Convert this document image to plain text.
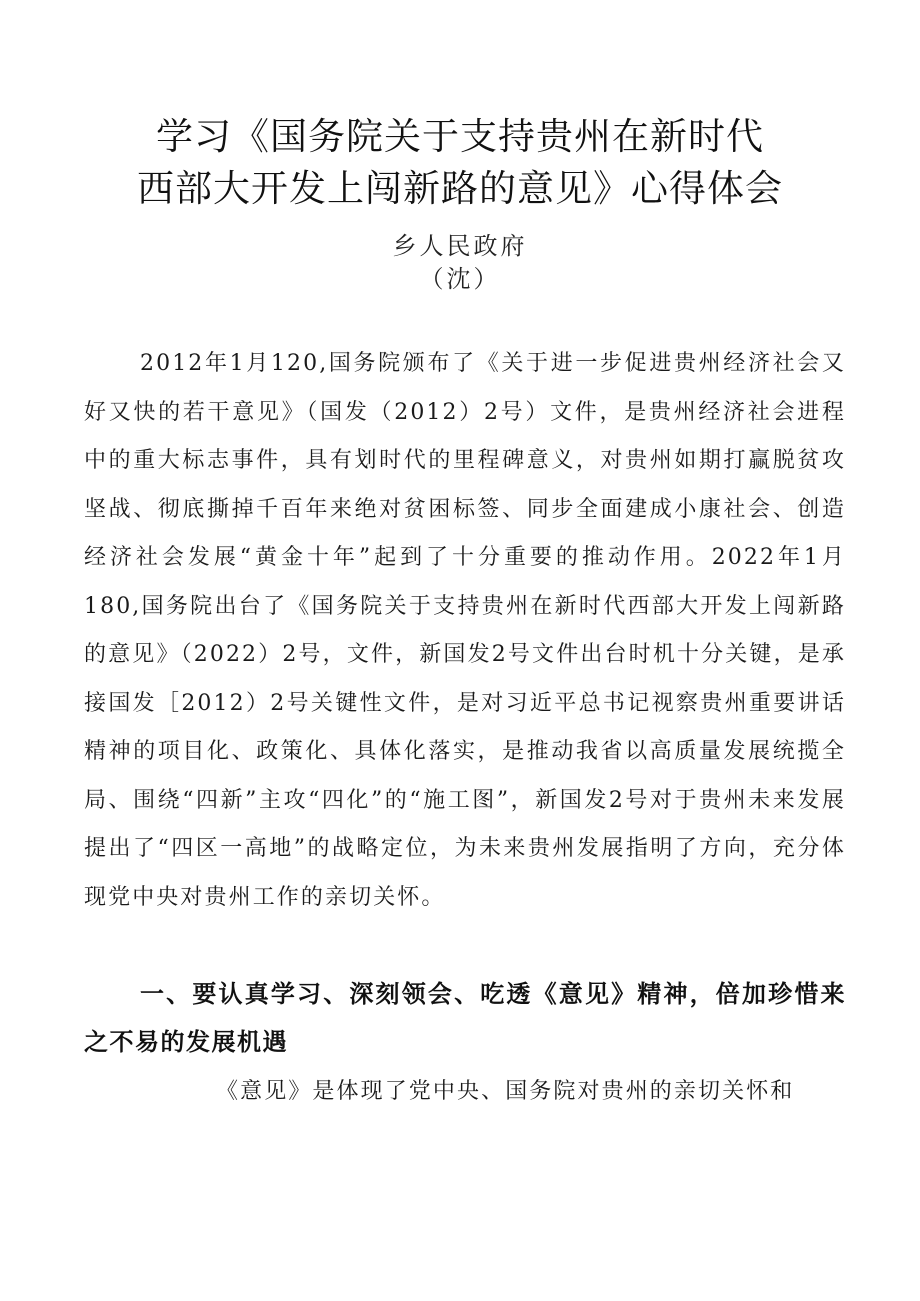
学习《国务院关于支持贵州在新时代
西部大开发上闯新路的意见》心得体会
乡人民政府
（沈）

2012年1月120,国务院颁布了《关于进一步促进贵州经济社会又好又快的若干意见》（国发（2012）2号）文件，是贵州经济社会进程中的重大标志事件，具有划时代的里程碑意义，对贵州如期打赢脱贫攻坚战、彻底撕掉千百年来绝对贫困标签、同步全面建成小康社会、创造经济社会发展“黄金十年”起到了十分重要的推动作用。2022年1月180,国务院出台了《国务院关于支持贵州在新时代西部大开发上闯新路的意见》（2022）2号，文件，新国发2号文件出台时机十分关键，是承接国发［2012）2号关键性文件，是对习近平总书记视察贵州重要讲话精神的项目化、政策化、具体化落实，是推动我省以高质量发展统揽全局、围绕“四新”主攻“四化”的“施工图”，新国发2号对于贵州未来发展提出了“四区一高地”的战略定位，为未来贵州发展指明了方向，充分体现党中央对贵州工作的亲切关怀。

一、要认真学习、深刻领会、吃透《意见》精神，倍加珍惜来之不易的发展机遇

《意见》是体现了党中央、国务院对贵州的亲切关怀和
